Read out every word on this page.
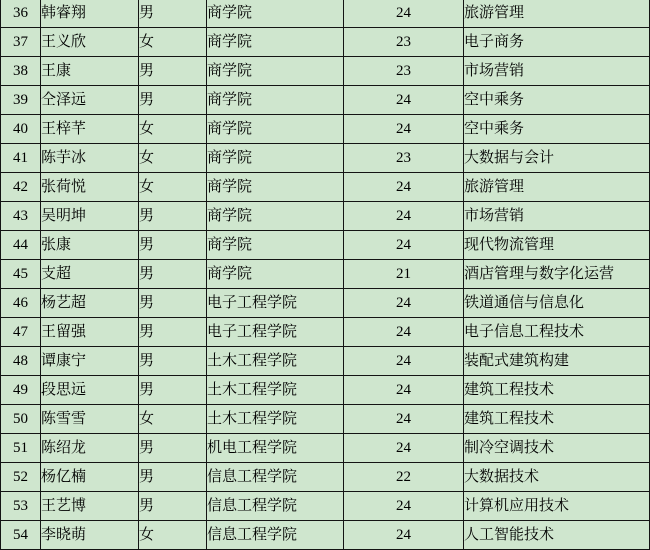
36	韩睿翔	男	商学院	24	旅游管理
37	王义欣	女	商学院	23	电子商务
38	王康	男	商学院	23	市场营销
39	仝泽远	男	商学院	24	空中乘务
40	王梓芊	女	商学院	24	空中乘务
41	陈芋冰	女	商学院	23	大数据与会计
42	张荷悦	女	商学院	24	旅游管理
43	吴明坤	男	商学院	24	市场营销
44	张康	男	商学院	24	现代物流管理
45	支超	男	商学院	21	酒店管理与数字化运营
46	杨艺超	男	电子工程学院	24	铁道通信与信息化
47	王留强	男	电子工程学院	24	电子信息工程技术
48	谭康宁	男	土木工程学院	24	装配式建筑构建
49	段思远	男	土木工程学院	24	建筑工程技术
50	陈雪雪	女	土木工程学院	24	建筑工程技术
51	陈绍龙	男	机电工程学院	24	制冷空调技术
52	杨亿楠	男	信息工程学院	22	大数据技术
53	王艺博	男	信息工程学院	24	计算机应用技术
54	李晓萌	女	信息工程学院	24	人工智能技术
